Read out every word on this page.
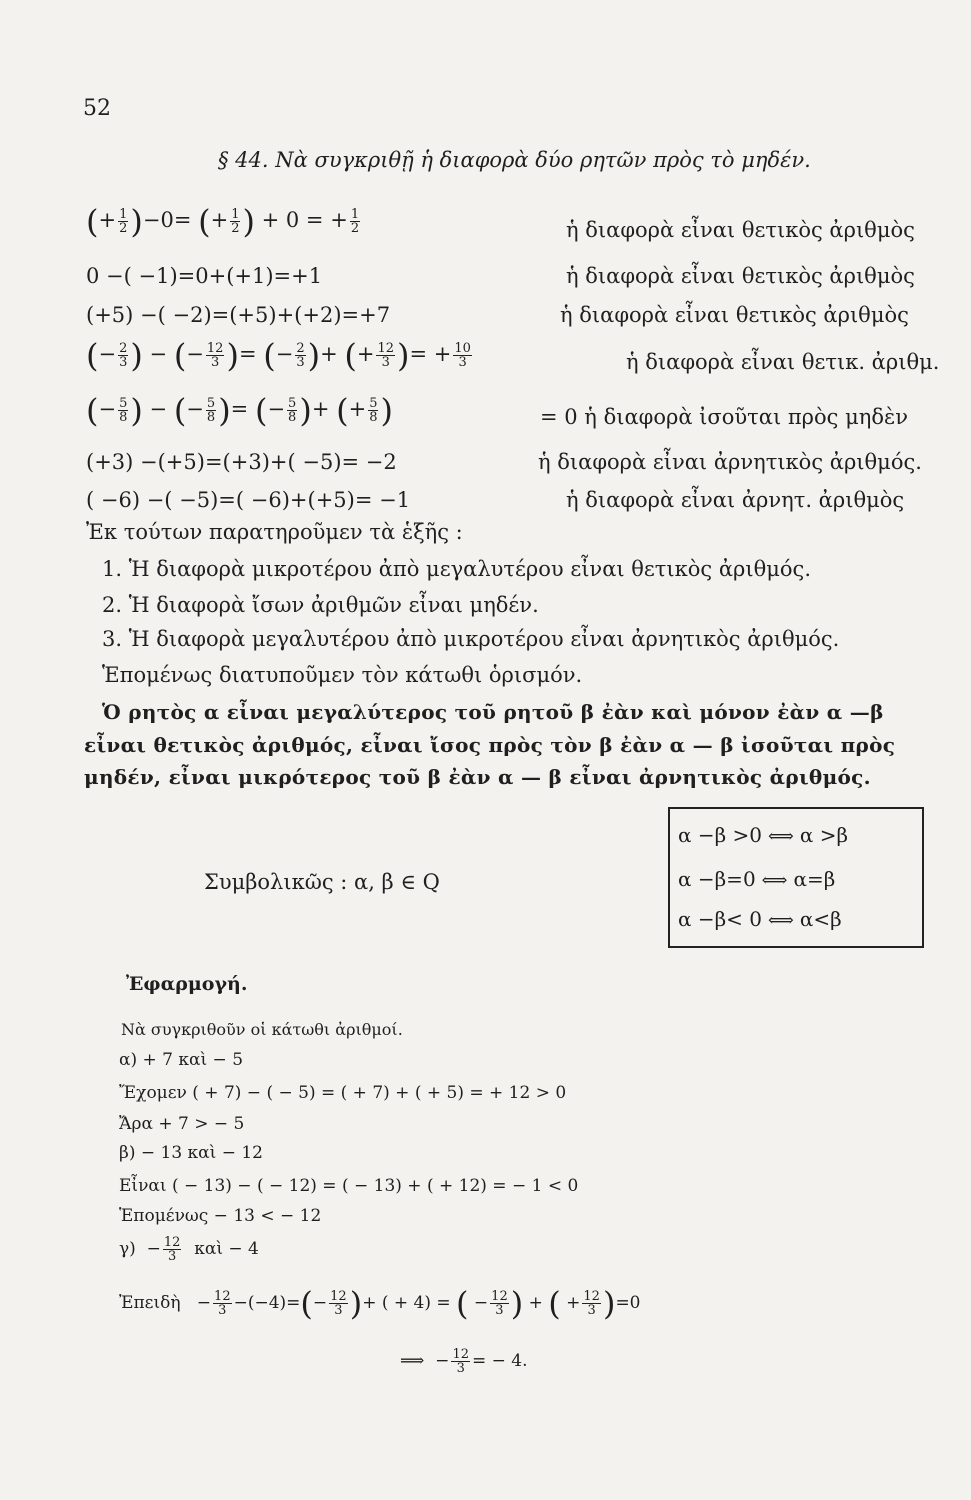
52
§ 44. Νὰ συγκριθῇ ἡ διαφορὰ δύο ρητῶν πρὸς τὸ μηδέν.
(+ $\frac{1}{2} )-0=$ (+ $\frac{1}{2}$ ) + 0 = + $\frac{1}{2}$	ἡ διαφορὰ εἶναι θετικὸς ἀριθμὸς
0 −( −1)=0+(+1)=+1	ἡ διαφορὰ εἶναι θετικὸς ἀριθμὸς
(+5) −( −2)=(+5)+(+2)=+7	ἡ διαφορὰ εἶναι θετικὸς ἀριθμὸς
(− $\frac{2}{3}$ ) − (− $\frac{12}{3}$ )= (− $\frac{2}{3}$ )+ (+ $\frac{12}{3}$ )= + $\frac{10}{3}$	ἡ διαφορὰ εἶναι θετικ. ἀριθμ.
(− $\frac{5}{8}$ ) − (− $\frac{5}{8}$ )= (− $\frac{5}{8}$ )+ (+ $\frac{5}{8}$ )	= 0 ἡ διαφορὰ ἰσοῦται πρὸς μηδὲν
(+3) −(+5)=(+3)+( −5)= −2	ἡ διαφορὰ εἶναι ἀρνητικὸς ἀριθμός.
( −6) −( −5)=( −6)+(+5)= −1	ἡ διαφορὰ εἶναι ἀρνητ. ἀριθμὸς
Ἐκ τούτων παρατηροῦμεν τὰ ἑξῆς :
1. Ἡ διαφορὰ μικροτέρου ἀπὸ μεγαλυτέρου εἶναι θετικὸς ἀριθμός.
2. Ἡ διαφορὰ ἴσων ἀριθμῶν εἶναι μηδέν.
3. Ἡ διαφορὰ μεγαλυτέρου ἀπὸ μικροτέρου εἶναι ἀρνητικὸς ἀριθμός.
Ἑπομένως διατυποῦμεν τὸν κάτωθι ὁρισμόν.
Ὁ ρητὸς α εἶναι μεγαλύτερος τοῦ ρητοῦ β ἐὰν καὶ μόνον ἐὰν α —β
εἶναι θετικὸς ἀριθμός, εἶναι ἴσος πρὸς τὸν β ἐὰν α — β ἰσοῦται πρὸς
μηδέν, εἶναι μικρότερος τοῦ β ἐὰν α — β εἶναι ἀρνητικὸς ἀριθμός.
Συμβολικῶς : α, β ∈ Q
α −β >0 ⟺ α >β
α −β=0 ⟺ α=β
α −β< 0 ⟺ α<β
Ἐφαρμογή.
Νὰ συγκριθοῦν οἱ κάτωθι ἀριθμοί.
α) + 7 καὶ − 5
Ἔχομεν ( + 7) − ( − 5) = ( + 7) + ( + 5) = + 12 > 0
Ἄρα + 7 > − 5
β) − 13 καὶ − 12
Εἶναι ( − 13) − ( − 12) = ( − 13) + ( + 12) = − 1 < 0
Ἑπομένως − 13 < − 12
$\gamma) - \frac{12}{3}$ καὶ − 4
Ἐπειδὴ   − $\frac{12}{3} -(-4)=(- \frac{12}{3}$ )+ ( + 4) = ( − $\frac{12}{3}$ ) + ( + $\frac{12}{3} )=0$
⟹  − $\frac{12}{3}$ = − 4.
